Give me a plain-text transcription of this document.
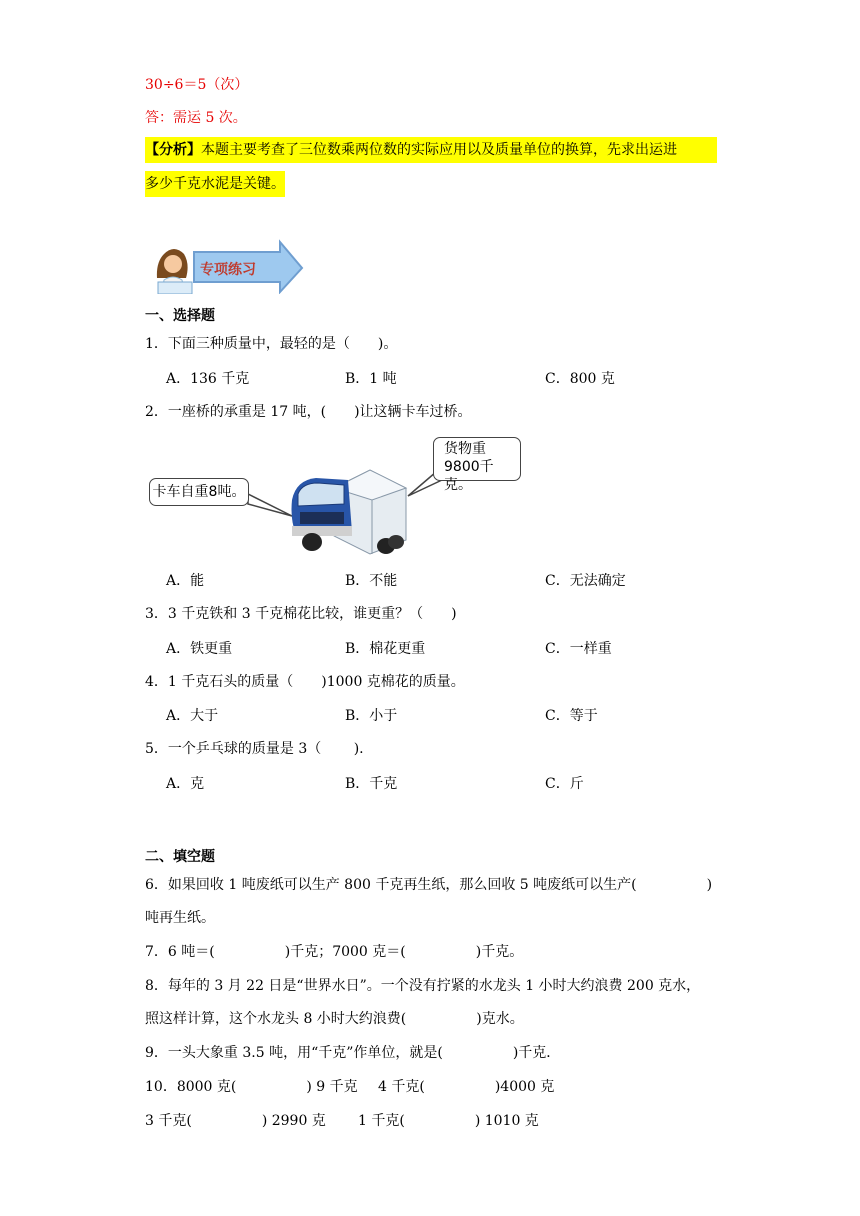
30÷6＝5（次）
答：需运 5 次。
【分析】本题主要考查了三位数乘两位数的实际应用以及质量单位的换算，先求出运进
多少千克水泥是关键。
专项练习
一、选择题
1．下面三种质量中，最轻的是（　　)。
A．136 千克	B．1 吨	C．800 克
2．一座桥的承重是 17 吨，(　　)让这辆卡车过桥。
卡车自重8吨。
货物重
9800千克。
A．能	B．不能	C．无法确定
3．3 千克铁和 3 千克棉花比较，谁更重？（　　)
A．铁更重	B．棉花更重	C．一样重
4．1 千克石头的质量（　　)1000 克棉花的质量。
A．大于	B．小于	C．等于
5．一个乒乓球的质量是 3（　　 ).
A．克	B．千克	C．斤
二、填空题
6．如果回收 1 吨废纸可以生产 800 千克再生纸，那么回收 5 吨废纸可以生产(　　　　　)
吨再生纸。
7．6 吨＝(　　　　　)千克；7000 克＝(　　　　　)千克。
8．每年的 3 月 22 日是“世界水日”。一个没有拧紧的水龙头 1 小时大约浪费 200 克水，
照这样计算，这个水龙头 8 小时大约浪费(　　　　　)克水。
9．一头大象重 3.5 吨，用“千克”作单位，就是(　　　　　)千克．
10．8000 克(　　　　　) 9 千克 4 千克(　　　　　)4000 克
3 千克(　　　　　) 2990 克 1 千克(　　　　　) 1010 克
